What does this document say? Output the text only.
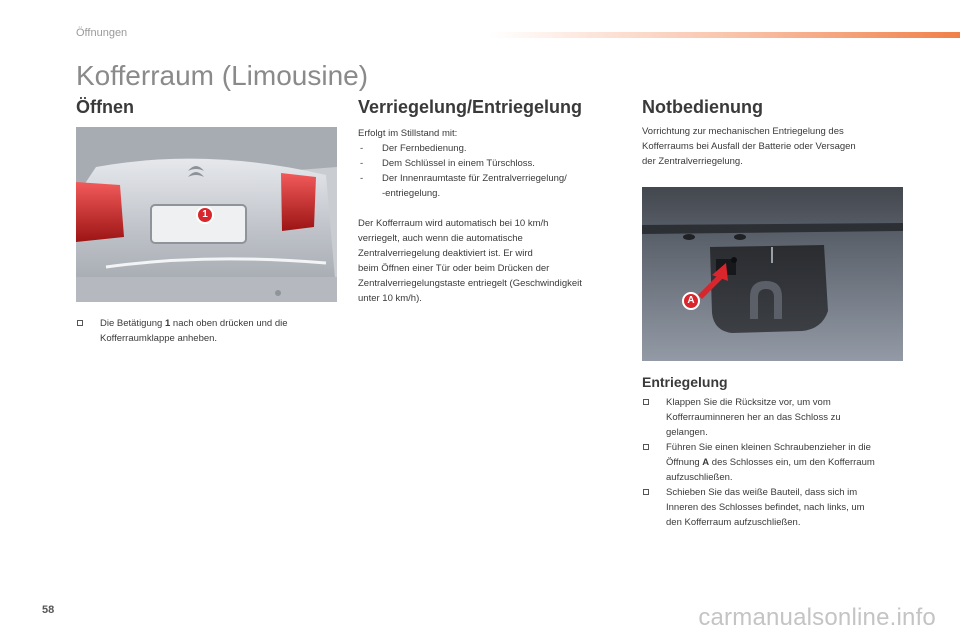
Öffnungen
Kofferraum (Limousine)
Öffnen
1
Die Betätigung 1 nach oben drücken und die
Kofferraumklappe anheben.
Verriegelung/Entriegelung

Erfolgt im Stillstand mit:

- Der Fernbedienung.
- Dem Schlüssel in einem Türschloss.
- Der Innenraumtaste für Zentralverriegelung/
-entriegelung.

Der Kofferraum wird automatisch bei 10 km/h
verriegelt, auch wenn die automatische
Zentralverriegelung deaktiviert ist. Er wird
beim Öffnen einer Tür oder beim Drücken der
Zentralverriegelungstaste entriegelt (Geschwindigkeit
unter 10 km/h).

Notbedienung

Vorrichtung zur mechanischen Entriegelung des
Kofferraums bei Ausfall der Batterie oder Versagen
der Zentralverriegelung.

A
Entriegelung
Klappen Sie die Rücksitze vor, um vom
Kofferrauminneren her an das Schloss zu
gelangen.
Führen Sie einen kleinen Schraubenzieher in die
Öffnung A des Schlosses ein, um den Kofferraum
aufzuschließen.
Schieben Sie das weiße Bauteil, dass sich im
Inneren des Schlosses befindet, nach links, um
den Kofferraum aufzuschließen.
58	carmanualsonline.info
